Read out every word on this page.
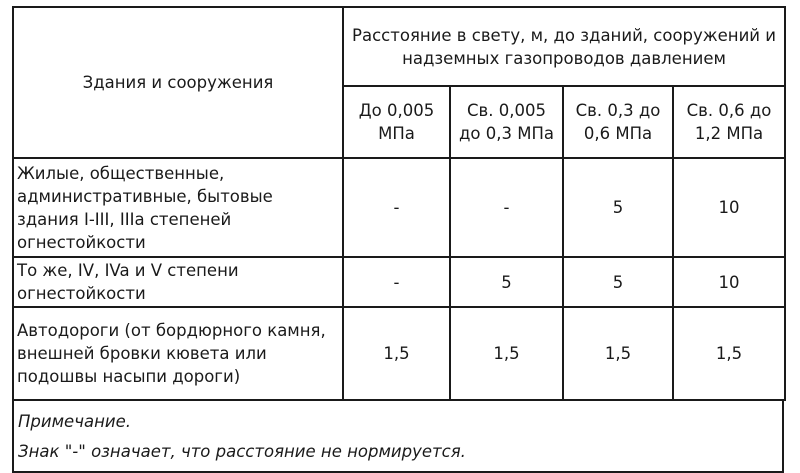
Здания и сооружения	Расстояние в свету, м, до зданий, сооружений и надземных газопроводов давлением			
	До 0,005 МПа	Св. 0,005 до 0,3 МПа	Св. 0,3 до 0,6 МПа	Св. 0,6 до 1,2 МПа
Жилые, общественные, административные, бытовые здания I-III, IIIa степеней огнестойкости	-	-	5	10
То же, IV, IVa и V степени огнестойкости	-	5	5	10
Автодороги (от бордюрного камня, внешней бровки кювета или подошвы насыпи дороги)	1,5	1,5	1,5	1,5

Примечание.

Знак "-" означает, что расстояние не нормируется.
